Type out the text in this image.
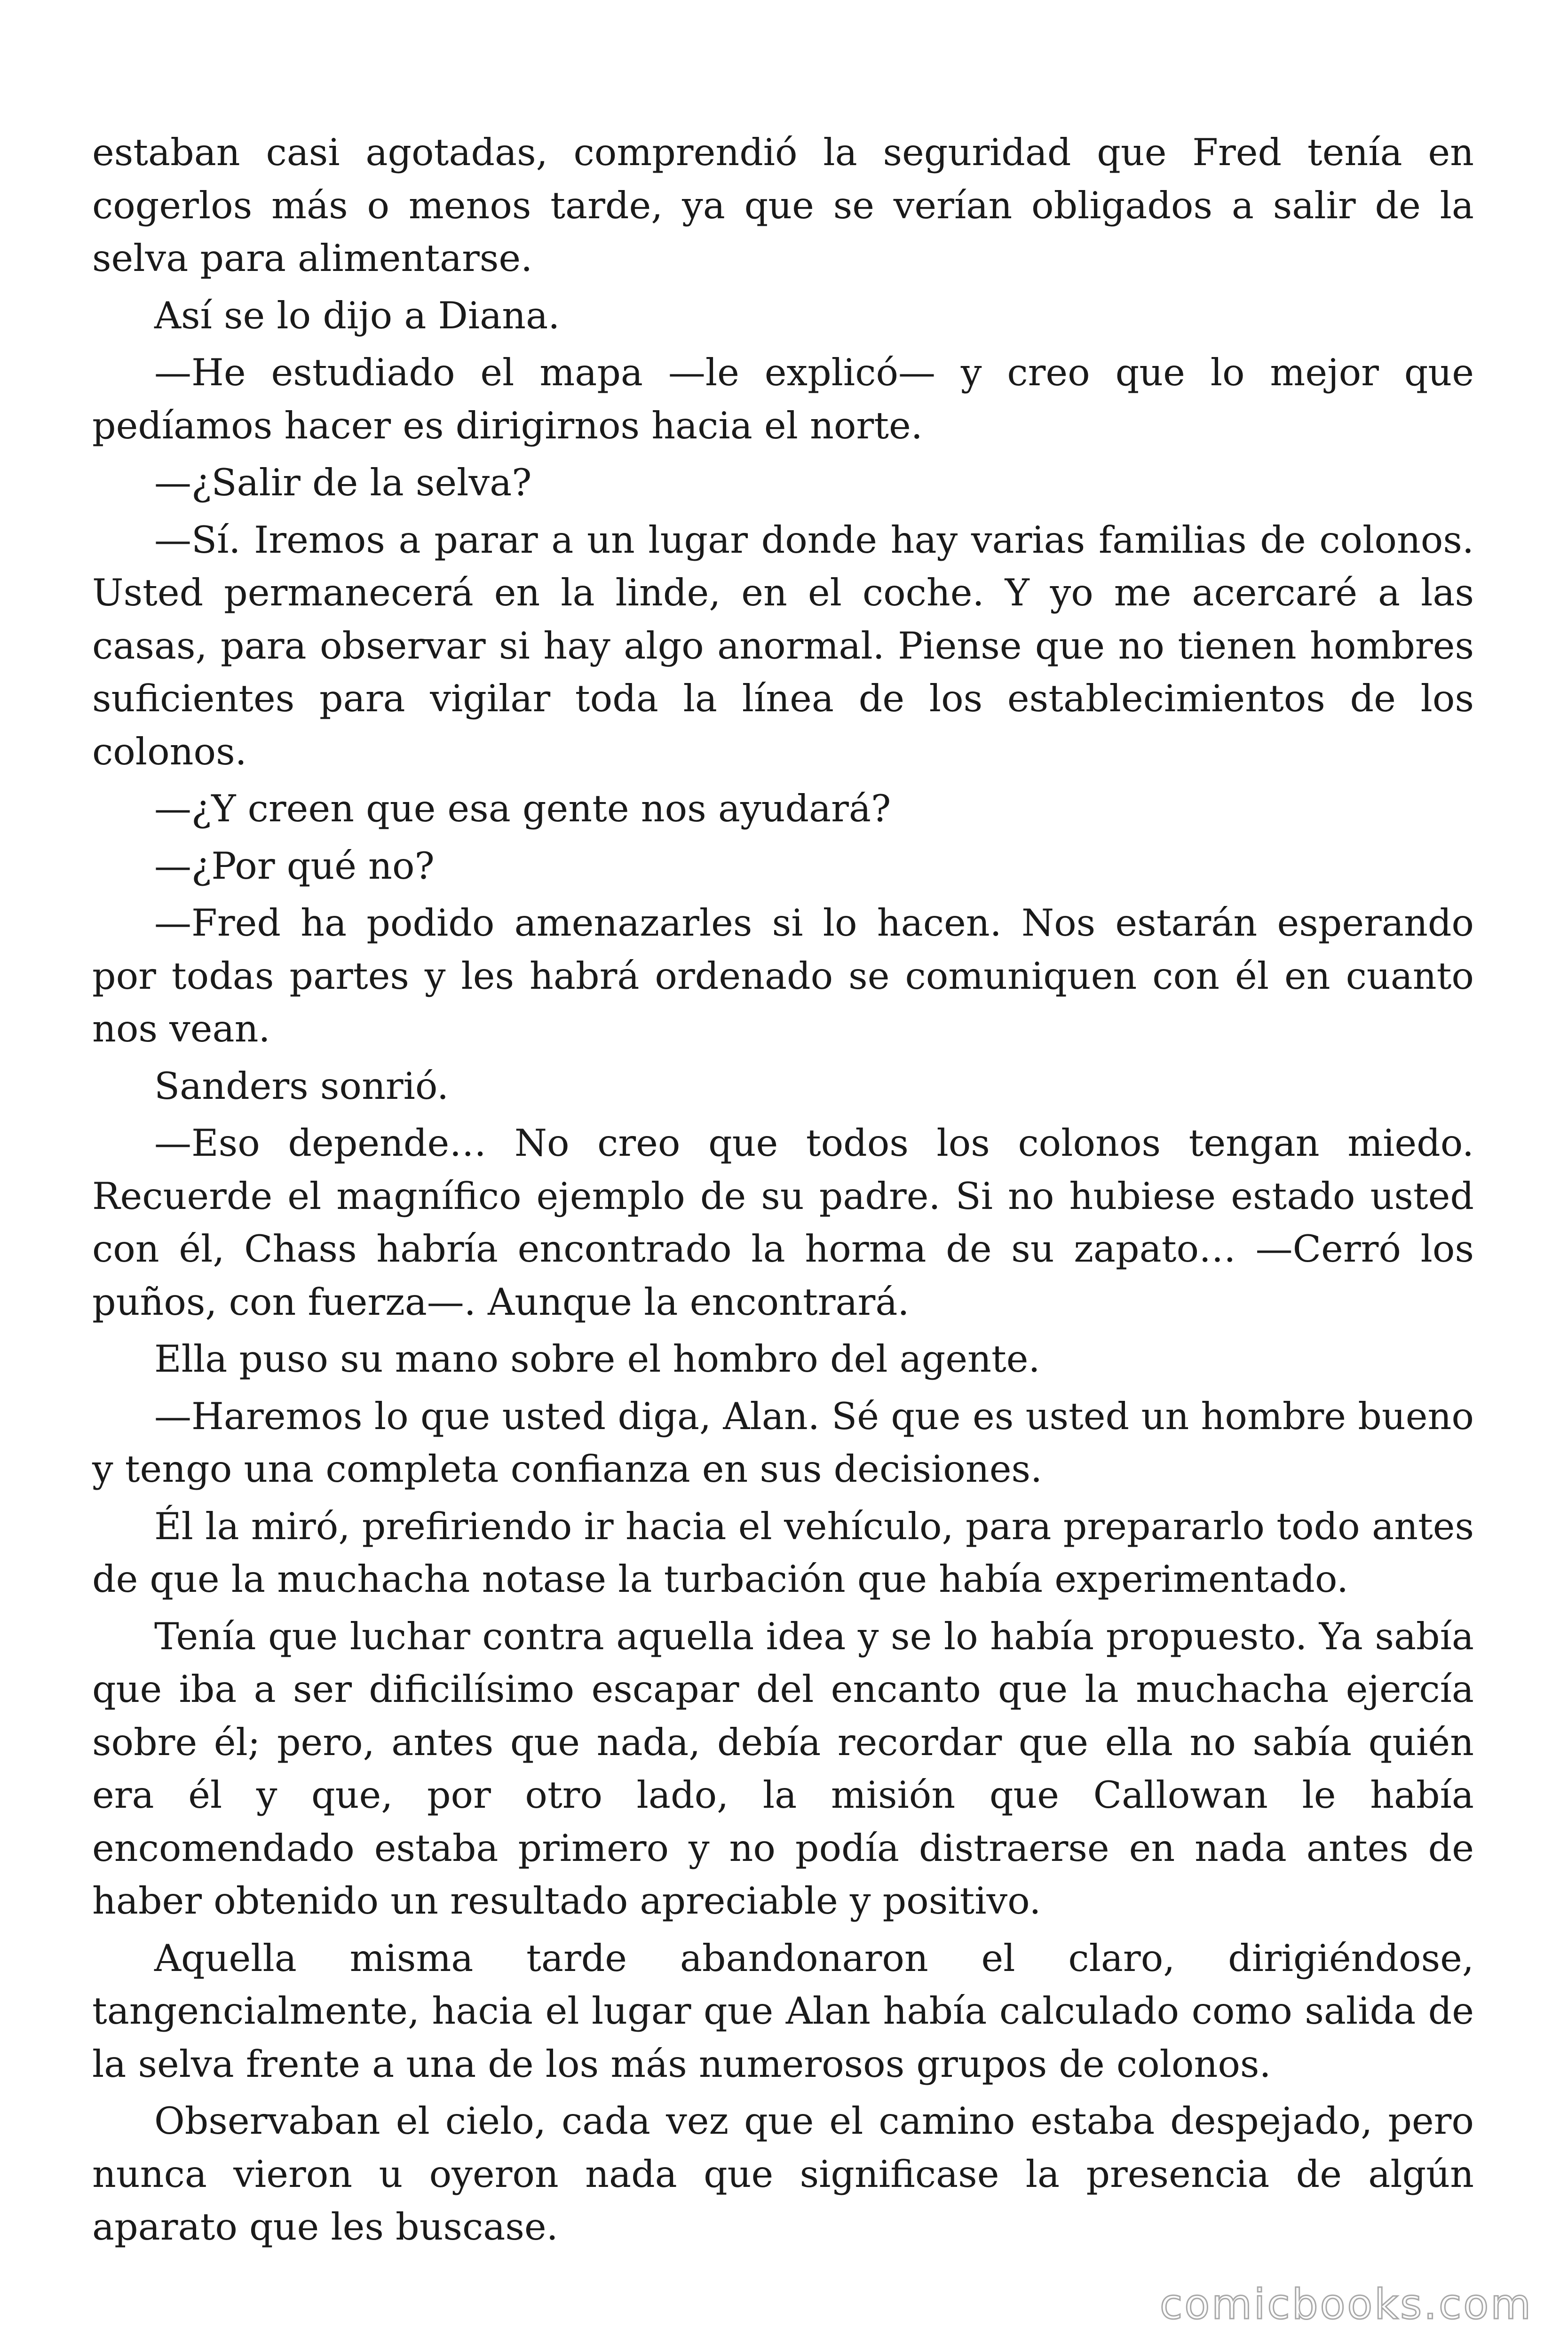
estaban casi agotadas, comprendió la seguridad que Fred tenía en cogerlos más o menos tarde, ya que se verían obligados a salir de la selva para alimentarse.

Así se lo dijo a Diana.

—He estudiado el mapa —le explicó— y creo que lo mejor que pedíamos hacer es dirigirnos hacia el norte.

—¿Salir de la selva?

—Sí. Iremos a parar a un lugar donde hay varias familias de colonos. Usted permanecerá en la linde, en el coche. Y yo me acercaré a las casas, para observar si hay algo anormal. Piense que no tienen hombres suficientes para vigilar toda la línea de los establecimientos de los colonos.

—¿Y creen que esa gente nos ayudará?

—¿Por qué no?

—Fred ha podido amenazarles si lo hacen. Nos estarán esperando por todas partes y les habrá ordenado se comuniquen con él en cuanto nos vean.

Sanders sonrió.

—Eso depende… No creo que todos los colonos tengan miedo. Recuerde el magnífico ejemplo de su padre. Si no hubiese estado usted con él, Chass habría encontrado la horma de su zapato… —Cerró los puños, con fuerza—. Aunque la encontrará.

Ella puso su mano sobre el hombro del agente.

—Haremos lo que usted diga, Alan. Sé que es usted un hombre bueno y tengo una completa confianza en sus decisiones.

Él la miró, prefiriendo ir hacia el vehículo, para prepararlo todo antes de que la muchacha notase la turbación que había experimentado.

Tenía que luchar contra aquella idea y se lo había propuesto. Ya sabía que iba a ser dificilísimo escapar del encanto que la muchacha ejercía sobre él; pero, antes que nada, debía recordar que ella no sabía quién era él y que, por otro lado, la misión que Callowan le había encomendado estaba primero y no podía distraerse en nada antes de haber obtenido un resultado apreciable y positivo.

Aquella misma tarde abandonaron el claro, dirigiéndose, tangencialmente, hacia el lugar que Alan había calculado como salida de la selva frente a una de los más numerosos grupos de colonos.

Observaban el cielo, cada vez que el camino estaba despejado, pero nunca vieron u oyeron nada que significase la presencia de algún aparato que les buscase.

comicbooks.com
